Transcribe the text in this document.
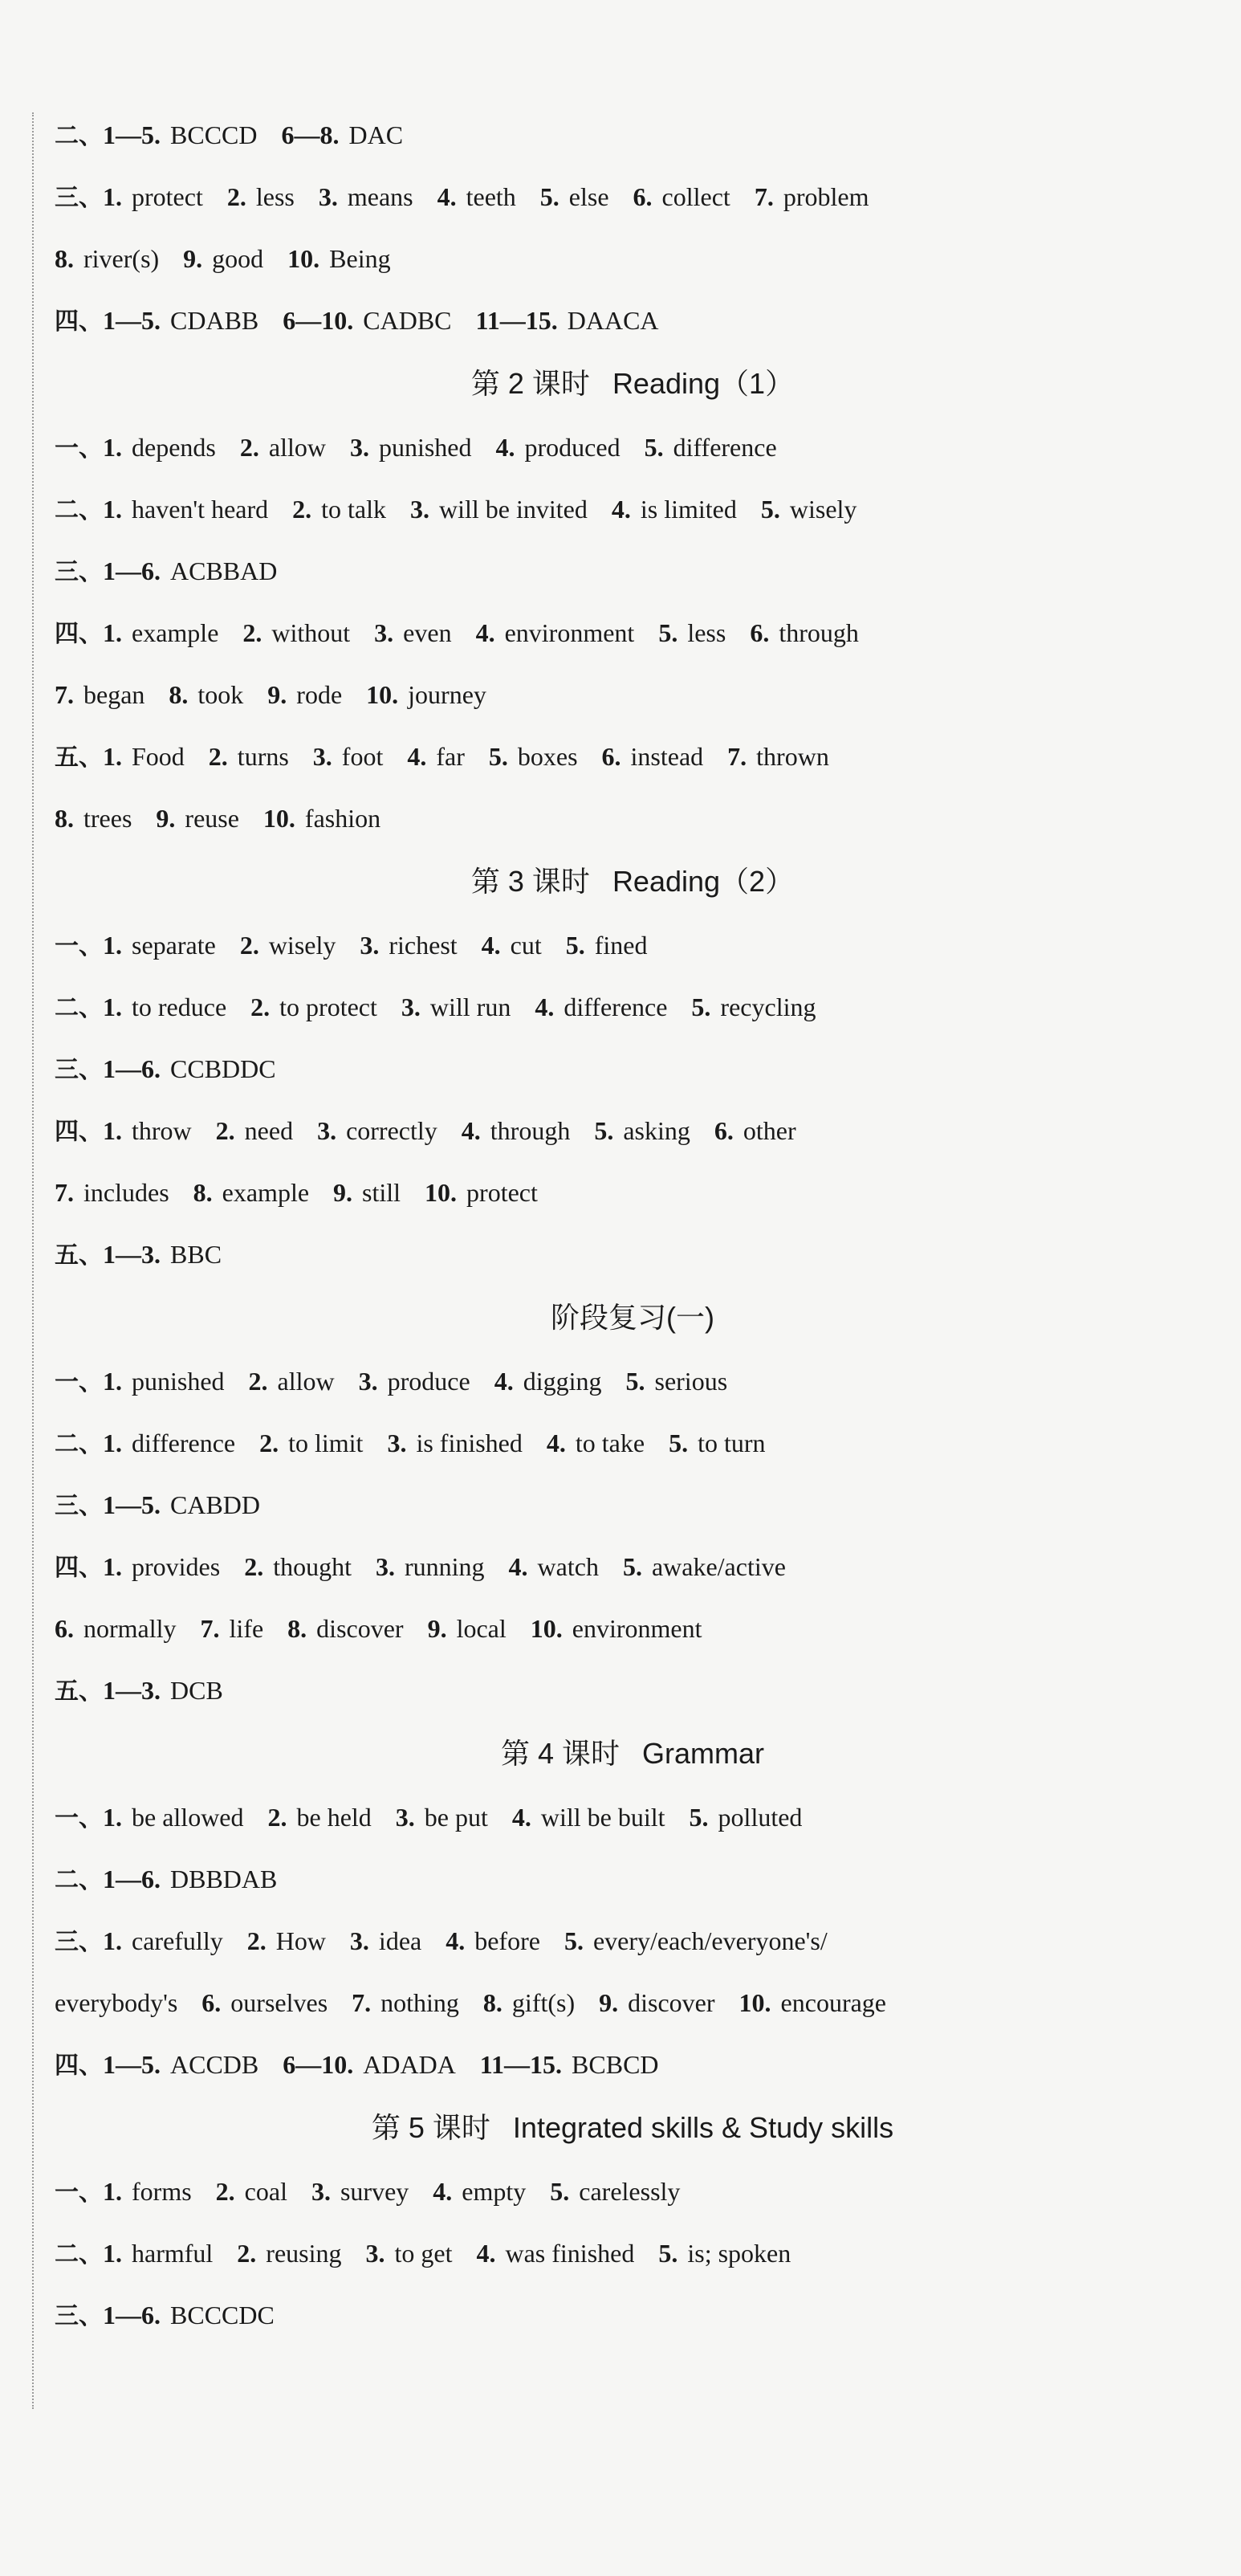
二、1—5. BCCCD 6—8. DAC
三、1. protect 2. less 3. means 4. teeth 5. else 6. collect 7. problem
8. river(s) 9. good 10. Being
四、1—5. CDABB 6—10. CADBC 11—15. DAACA
第 2 课时 Reading（1）
一、1. depends 2. allow 3. punished 4. produced 5. difference
二、1. haven't heard 2. to talk 3. will be invited 4. is limited 5. wisely
三、1—6. ACBBAD
四、1. example 2. without 3. even 4. environment 5. less 6. through
7. began 8. took 9. rode 10. journey
五、1. Food 2. turns 3. foot 4. far 5. boxes 6. instead 7. thrown
8. trees 9. reuse 10. fashion
第 3 课时 Reading（2）
一、1. separate 2. wisely 3. richest 4. cut 5. fined
二、1. to reduce 2. to protect 3. will run 4. difference 5. recycling
三、1—6. CCBDDC
四、1. throw 2. need 3. correctly 4. through 5. asking 6. other
7. includes 8. example 9. still 10. protect
五、1—3. BBC
阶段复习(一)
一、1. punished 2. allow 3. produce 4. digging 5. serious
二、1. difference 2. to limit 3. is finished 4. to take 5. to turn
三、1—5. CABDD
四、1. provides 2. thought 3. running 4. watch 5. awake/active
6. normally 7. life 8. discover 9. local 10. environment
五、1—3. DCB
第 4 课时 Grammar
一、1. be allowed 2. be held 3. be put 4. will be built 5. polluted
二、1—6. DBBDAB
三、1. carefully 2. How 3. idea 4. before 5. every/each/everyone's/
everybody's 6. ourselves 7. nothing 8. gift(s) 9. discover 10. encourage
四、1—5. ACCDB 6—10. ADADA 11—15. BCBCD
第 5 课时 Integrated skills & Study skills
一、1. forms 2. coal 3. survey 4. empty 5. carelessly
二、1. harmful 2. reusing 3. to get 4. was finished 5. is; spoken
三、1—6. BCCCDC
